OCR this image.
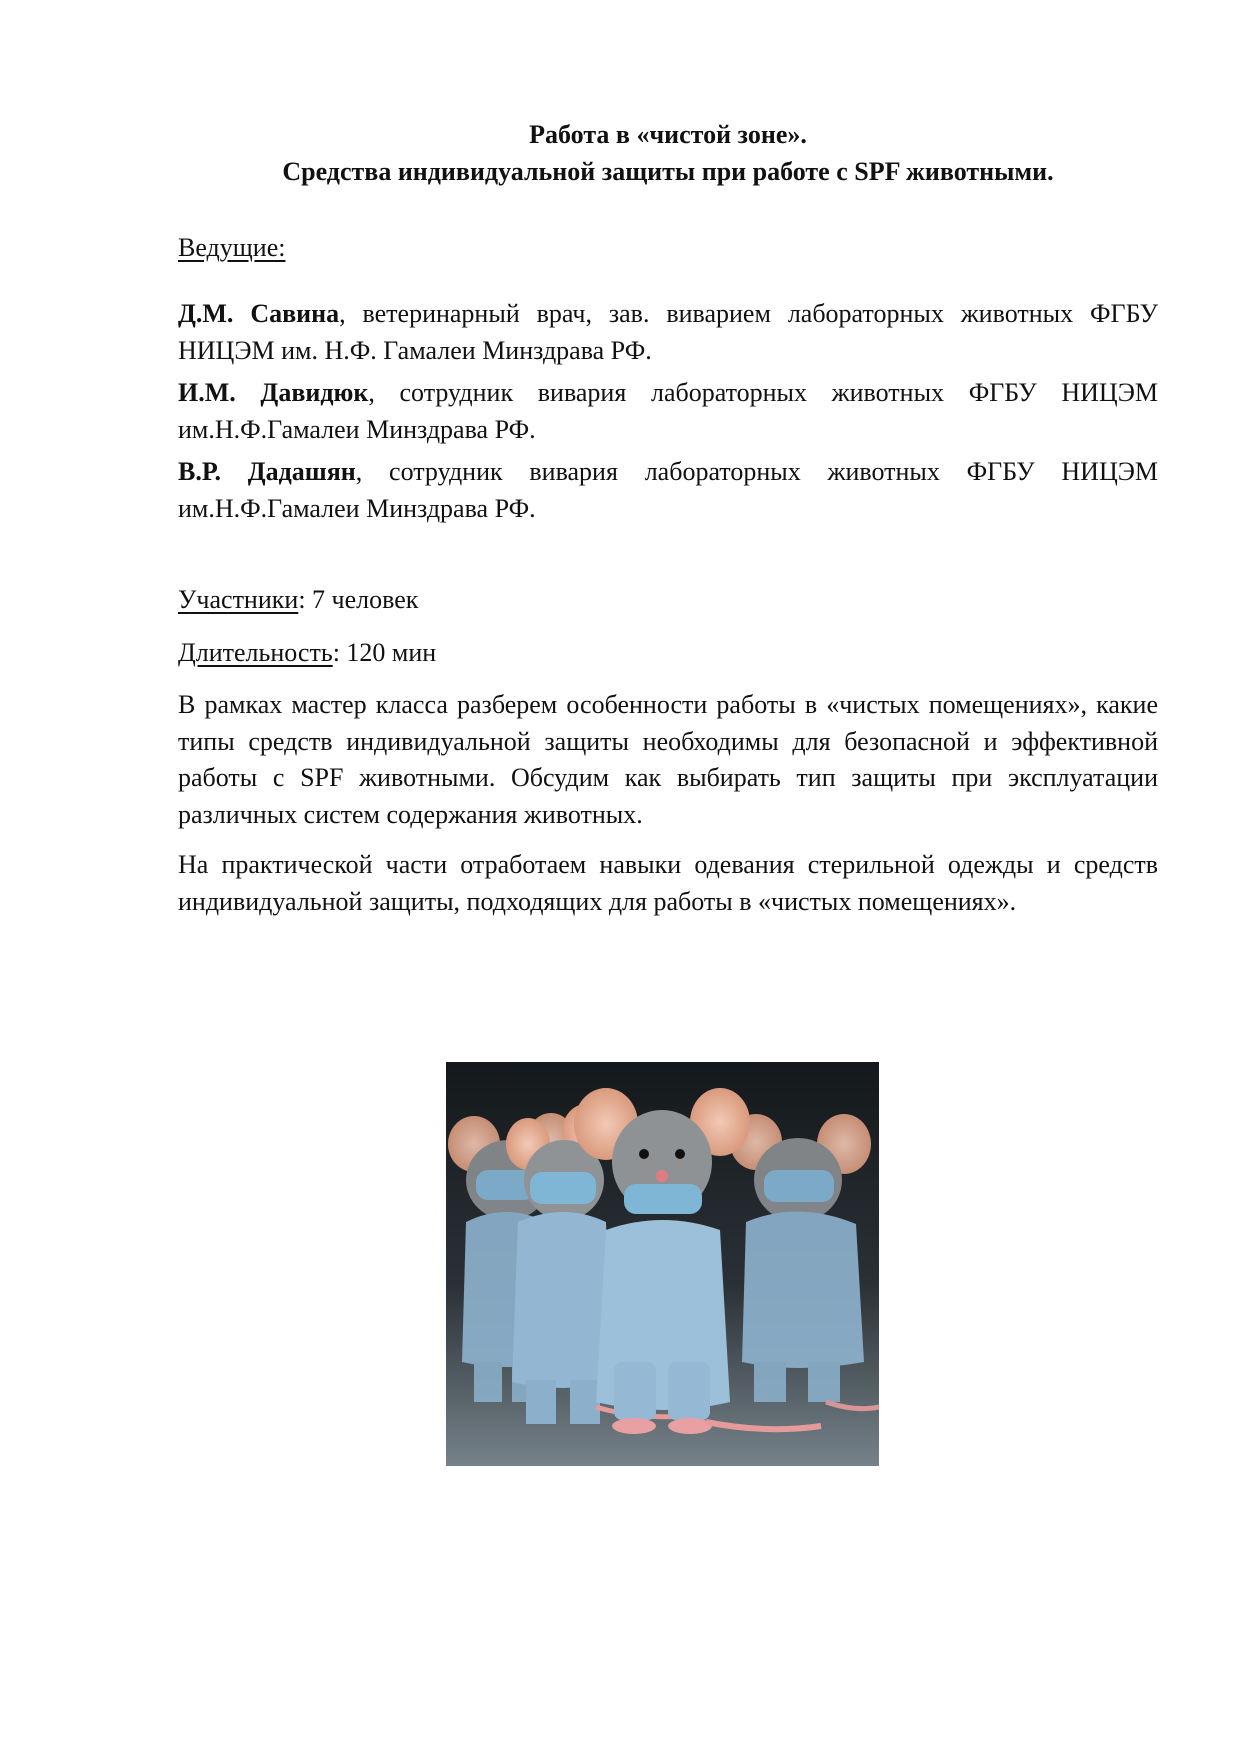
Работа в «чистой зоне».
Средства индивидуальной защиты при работе с SPF животными.
Ведущие:

Д.М. Савина, ветеринарный врач, зав. виварием лабораторных животных ФГБУ НИЦЭМ им. Н.Ф. Гамалеи Минздрава РФ.

И.М. Давидюк, сотрудник вивария лабораторных животных ФГБУ НИЦЭМ им.Н.Ф.Гамалеи Минздрава РФ.

В.Р. Дадашян, сотрудник вивария лабораторных животных ФГБУ НИЦЭМ им.Н.Ф.Гамалеи Минздрава РФ.

Участники: 7 человек
Длительность: 120 мин

В рамках мастер класса разберем особенности работы в «чистых помещениях», какие типы средств индивидуальной защиты необходимы для безопасной и эффективной работы с SPF животными. Обсудим как выбирать тип защиты при эксплуатации различных систем содержания животных.

На практической части отработаем навыки одевания стерильной одежды и средств индивидуальной защиты, подходящих для работы в «чистых помещениях».
